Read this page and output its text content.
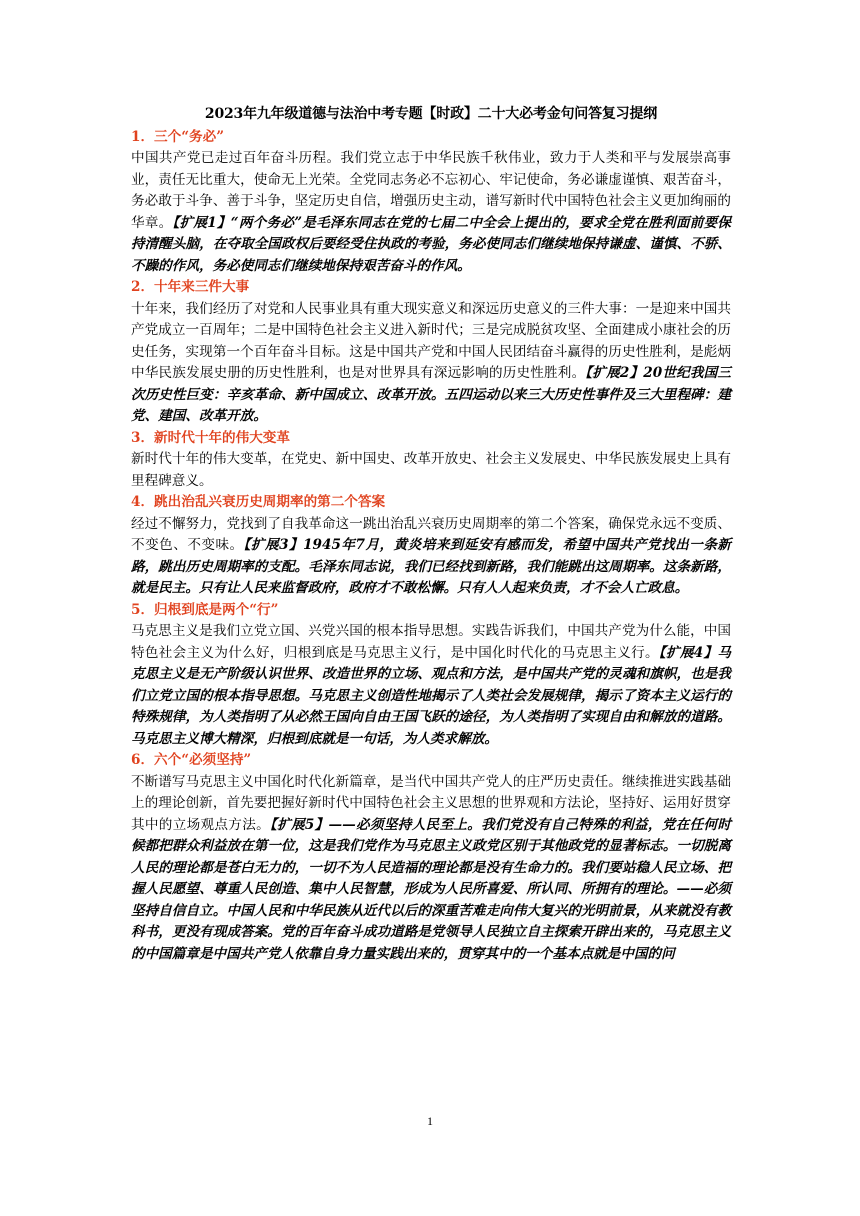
2023年九年级道德与法治中考专题【时政】二十大必考金句问答复习提纲

1．三个“务必”

中国共产党已走过百年奋斗历程。我们党立志于中华民族千秋伟业，致力于人类和平与发展崇高事业，责任无比重大，使命无上光荣。全党同志务必不忘初心、牢记使命，务必谦虚谨慎、艰苦奋斗，务必敢于斗争、善于斗争，坚定历史自信，增强历史主动，谱写新时代中国特色社会主义更加绚丽的华章。【扩展1】“两个务必”是毛泽东同志在党的七届二中全会上提出的，要求全党在胜利面前要保持清醒头脑，在夺取全国政权后要经受住执政的考验，务必使同志们继续地保持谦虚、谨慎、不骄、不躁的作风，务必使同志们继续地保持艰苦奋斗的作风。

2．十年来三件大事

十年来，我们经历了对党和人民事业具有重大现实意义和深远历史意义的三件大事：一是迎来中国共产党成立一百周年；二是中国特色社会主义进入新时代；三是完成脱贫攻坚、全面建成小康社会的历史任务，实现第一个百年奋斗目标。这是中国共产党和中国人民团结奋斗赢得的历史性胜利，是彪炳中华民族发展史册的历史性胜利，也是对世界具有深远影响的历史性胜利。【扩展2】20世纪我国三次历史性巨变：辛亥革命、新中国成立、改革开放。五四运动以来三大历史性事件及三大里程碑：建党、建国、改革开放。

3．新时代十年的伟大变革

新时代十年的伟大变革，在党史、新中国史、改革开放史、社会主义发展史、中华民族发展史上具有里程碑意义。

4．跳出治乱兴衰历史周期率的第二个答案

经过不懈努力，党找到了自我革命这一跳出治乱兴衰历史周期率的第二个答案，确保党永远不变质、不变色、不变味。【扩展3】1945年7月，黄炎培来到延安有感而发，希望中国共产党找出一条新路，跳出历史周期率的支配。毛泽东同志说，我们已经找到新路，我们能跳出这周期率。这条新路，就是民主。只有让人民来监督政府，政府才不敢松懈。只有人人起来负责，才不会人亡政息。

5．归根到底是两个“行”

马克思主义是我们立党立国、兴党兴国的根本指导思想。实践告诉我们，中国共产党为什么能，中国特色社会主义为什么好，归根到底是马克思主义行，是中国化时代化的马克思主义行。【扩展4】马克思主义是无产阶级认识世界、改造世界的立场、观点和方法，是中国共产党的灵魂和旗帜，也是我们立党立国的根本指导思想。马克思主义创造性地揭示了人类社会发展规律，揭示了资本主义运行的特殊规律，为人类指明了从必然王国向自由王国飞跃的途径，为人类指明了实现自由和解放的道路。马克思主义博大精深，归根到底就是一句话，为人类求解放。

6．六个“必须坚持”

不断谱写马克思主义中国化时代化新篇章，是当代中国共产党人的庄严历史责任。继续推进实践基础上的理论创新，首先要把握好新时代中国特色社会主义思想的世界观和方法论，坚持好、运用好贯穿其中的立场观点方法。【扩展5】——必须坚持人民至上。我们党没有自己特殊的利益，党在任何时候都把群众利益放在第一位，这是我们党作为马克思主义政党区别于其他政党的显著标志。一切脱离人民的理论都是苍白无力的，一切不为人民造福的理论都是没有生命力的。我们要站稳人民立场、把握人民愿望、尊重人民创造、集中人民智慧，形成为人民所喜爱、所认同、所拥有的理论。——必须坚持自信自立。中国人民和中华民族从近代以后的深重苦难走向伟大复兴的光明前景，从来就没有教科书，更没有现成答案。党的百年奋斗成功道路是党领导人民独立自主探索开辟出来的，马克思主义的中国篇章是中国共产党人依靠自身力量实践出来的，贯穿其中的一个基本点就是中国的问

1
